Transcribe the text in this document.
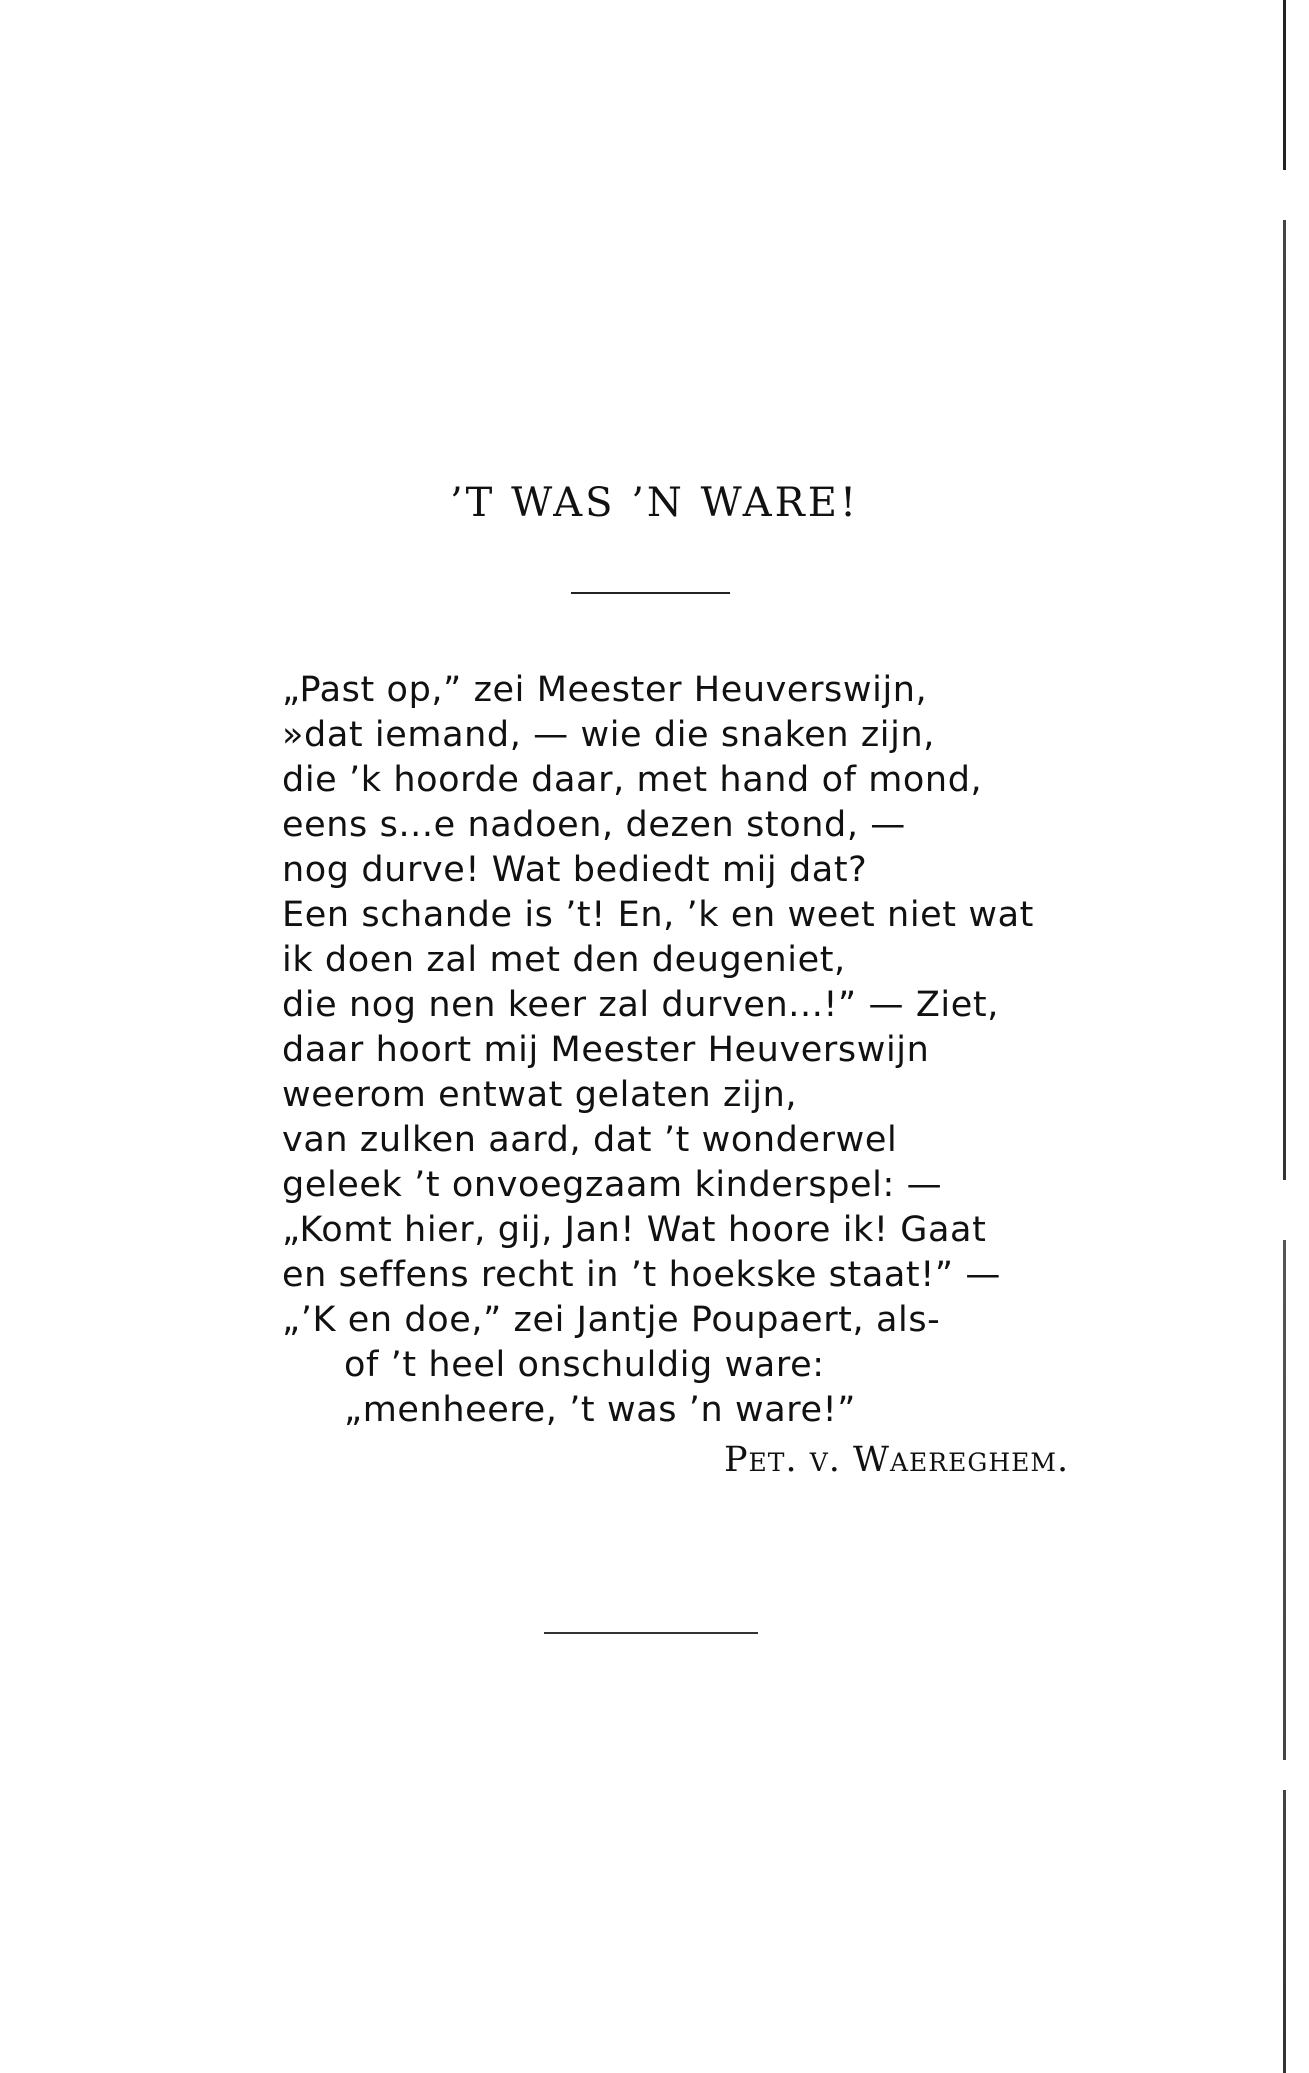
’T WAS ’N WARE!
„Past op,” zei Meester Heuverswijn,
»dat iemand, — wie die snaken zijn,
die ’k hoorde daar, met hand of mond,
eens s...e nadoen, dezen stond, —
nog durve! Wat bediedt mij dat?
Een schande is ’t! En, ’k en weet niet wat
ik doen zal met den deugeniet,
die nog nen keer zal durven...!” — Ziet,
daar hoort mij Meester Heuverswijn
weerom entwat gelaten zijn,
van zulken aard, dat ’t wonderwel
geleek ’t onvoegzaam kinderspel: —
„Komt hier, gij, Jan! Wat hoore ik! Gaat
en seffens recht in ’t hoekske staat!” —
„’K en doe,” zei Jantje Poupaert, als-
of ’t heel onschuldig ware:
„menheere, ’t was ’n ware!”
Pet. v. Waereghem.
